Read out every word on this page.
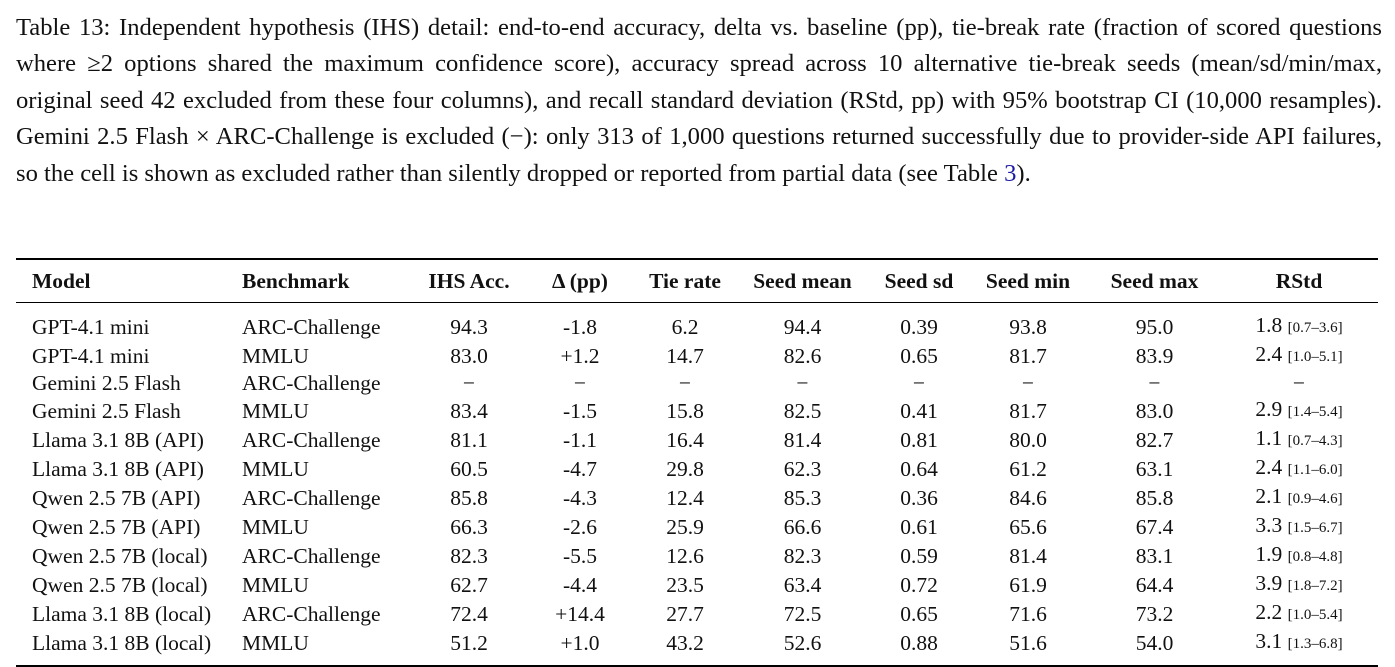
Table 13: Independent hypothesis (IHS) detail: end-to-end accuracy, delta vs. baseline (pp), tie-break rate (fraction of scored questions where ≥2 options shared the maximum confidence score), accuracy spread across 10 alternative tie-break seeds (mean/sd/min/max, original seed 42 excluded from these four columns), and recall standard deviation (RStd, pp) with 95% bootstrap CI (10,000 resamples). Gemini 2.5 Flash × ARC-Challenge is excluded (−): only 313 of 1,000 questions returned successfully due to provider-side API failures, so the cell is shown as excluded rather than silently dropped or reported from partial data (see Table 3).

Model	Benchmark	IHS Acc.	Δ (pp)	Tie rate	Seed mean	Seed sd	Seed min	Seed max	RStd
GPT-4.1 mini	ARC-Challenge	94.3	-1.8	6.2	94.4	0.39	93.8	95.0	1.8 [0.7–3.6]
GPT-4.1 mini	MMLU	83.0	+1.2	14.7	82.6	0.65	81.7	83.9	2.4 [1.0–5.1]
Gemini 2.5 Flash	ARC-Challenge	−	−	−	−	−	−	−	−
Gemini 2.5 Flash	MMLU	83.4	-1.5	15.8	82.5	0.41	81.7	83.0	2.9 [1.4–5.4]
Llama 3.1 8B (API)	ARC-Challenge	81.1	-1.1	16.4	81.4	0.81	80.0	82.7	1.1 [0.7–4.3]
Llama 3.1 8B (API)	MMLU	60.5	-4.7	29.8	62.3	0.64	61.2	63.1	2.4 [1.1–6.0]
Qwen 2.5 7B (API)	ARC-Challenge	85.8	-4.3	12.4	85.3	0.36	84.6	85.8	2.1 [0.9–4.6]
Qwen 2.5 7B (API)	MMLU	66.3	-2.6	25.9	66.6	0.61	65.6	67.4	3.3 [1.5–6.7]
Qwen 2.5 7B (local)	ARC-Challenge	82.3	-5.5	12.6	82.3	0.59	81.4	83.1	1.9 [0.8–4.8]
Qwen 2.5 7B (local)	MMLU	62.7	-4.4	23.5	63.4	0.72	61.9	64.4	3.9 [1.8–7.2]
Llama 3.1 8B (local)	ARC-Challenge	72.4	+14.4	27.7	72.5	0.65	71.6	73.2	2.2 [1.0–5.4]
Llama 3.1 8B (local)	MMLU	51.2	+1.0	43.2	52.6	0.88	51.6	54.0	3.1 [1.3–6.8]
